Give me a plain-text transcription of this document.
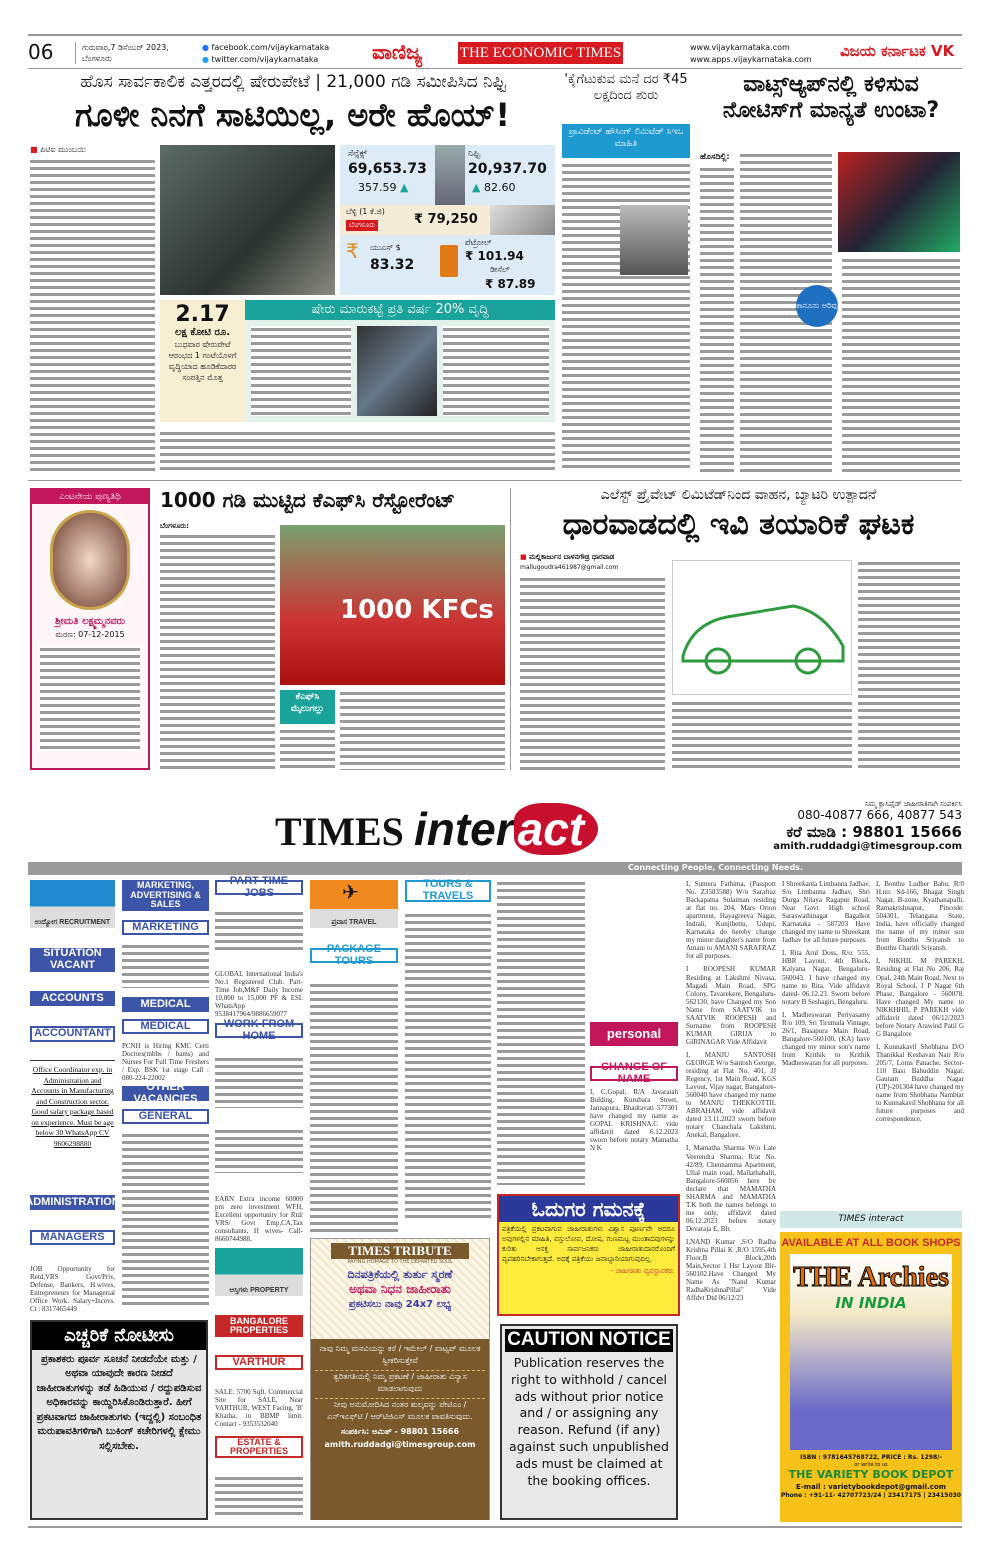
06	ಗುರುವಾರ,7 ಡಿಸೆಂಬರ್ 2023,
ಬೆಂಗಳೂರು
● facebook.com/vijaykarnataka
● twitter.com/vijaykarnataka	ವಾಣಿಜ್ಯ	THE ECONOMIC TIMES	www.vijaykarnataka.com
www.apps.vijaykarnataka.com ವಿಜಯ ಕರ್ನಾಟಕ VK
ಹೊಸ ಸಾರ್ವಕಾಲಿಕ ಎತ್ತರದಲ್ಲಿ ಷೇರುಪೇಟೆ | 21,000 ಗಡಿ ಸಮೀಪಿಸಿದ ನಿಫ್ಟಿ
ಗೂಳೀ ನಿನಗೆ ಸಾಟಿಯಿಲ್ಲ, ಅರೇ ಹೊಯ್!
■ ಪಿಟಿಐ ಮುಂಬಯಿ	ಸೆನ್ಸೆಕ್ಸ್
69,653.73
357.59 ▲
ನಿಫ್ಟಿ
20,937.70
▲ 82.60
ಬೆಳ್ಳಿ (1 ಕೆ.ಜಿ)
ಬೆಂಗಳೂರು	₹ 79,250
₹ ಯುಎಸ್ $
83.32
ಪೆಟ್ರೋಲ್
₹ 101.94
ಡೀಸೆಲ್
₹ 87.89
2.17
ಲಕ್ಷ ಕೋಟಿ ರೂ.
ಬುಧವಾರ ಷೇರುಪೇಟೆ ಆರಂಭದ 1 ಗಂಟೆಯೊಳಗೆ ವೃದ್ಧಿಯಾದ ಹೂಡಿಕೆದಾರರ ಸಂಪತ್ತಿನ ಮೊತ್ತ
ಷೇರು ಮಾರುಕಟ್ಟೆ ಪ್ರತಿ ವರ್ಷ 20% ವೃದ್ಧಿ
'ಕೈಗೆಟುಕುವ ಮನೆ ದರ ₹45 ಲಕ್ಷದಿಂದ ಶುರು
ಪ್ರಾವಿಡೆಂಟ್ ಹೌಸಿಂಗ್ ಲಿಮಿಟೆಡ್ ಸಿಇಒ ಮಾಹಿತಿ
ವಾಟ್ಸ್‌ಆ್ಯಪ್‌ನಲ್ಲಿ ಕಳಿಸುವ ನೋಟಿಸ್‌ಗೆ ಮಾನ್ಯತೆ ಉಂಟಾ?
ಹೊಸದಿಲ್ಲಿ:
ಕಾನೂನು ಅರಿವು
ಎಂಟನೇಯ ಪುಣ್ಯತಿಥಿ
ಶ್ರೀಮತಿ ಲಕ್ಷ್ಮಮ್ಮನವರು
ಮರಣ: 07-12-2015
1000 ಗಡಿ ಮುಟ್ಟಿದ ಕೆಎಫ್‌ಸಿ ರೆಸ್ಟೋರೆಂಟ್
ಬೆಂಗಳೂರು:
1000 KFCs
ಕೆಎಫ್‌ಸಿ ಮೈಲುಗಲ್ಲು
ಎಲೆಸ್ಟ್ ಪ್ರೈವೇಟ್ ಲಿಮಿಟೆಡ್‌ನಿಂದ ವಾಹನ, ಬ್ಯಾಟರಿ ಉತ್ಪಾದನೆ
ಧಾರವಾಡದಲ್ಲಿ ಇವಿ ತಯಾರಿಕೆ ಘಟಕ
■ ಮಲ್ಲಿಕಾರ್ಜುನ ಬಾಳನಗೌಡ್ರ ಧಾರವಾಡ
mallugoudra461987@gmail.com
TIMES interact
Connecting People, Connecting Needs.
ನಿಮ್ಮ ಕ್ಲಾಸಿಫೈಡ್ ಜಾಹೀರಾತಿಗಾಗಿ ಸಂಪರ್ಕಿಸಿ
080-40877 666, 40877 543
ಕರೆ ಮಾಡಿ : 98801 15666
amith.ruddadgi@timesgroup.com
ಉದ್ಯೋಗ RECRUITMENT
SITUATION VACANT
ACCOUNTS
ACCOUNTANT
Office Coordinator exp. in Administration and Accounts in Manufacturing and Construction sector. Good salary package based on experience. Must be age below 30 WhatsApp CV 9606298880
ADMINISTRATION
MANAGERS
JOB Opportunity for Retd,VRS Govt/Priv, Defense, Bankers, H.wives, Entrepreneurs for Managerial Office Work. Salary+Incevs. Ct : 8317465449
MARKETING, ADVERTISING & SALES
MARKETING
MEDICAL
MEDICAL
PCNH is Hiring KMC Certi Doctors(mbbs / bams) and Nurses For Full Time Freshers / Exp. BSK 1st stage Call : 080-224-22002
OTHER VACANCIES
GENERAL
PART TIME JOBS
GLOBAL International India's No.1 Registered Club. Part-Time Job,M&F Daily Income 10,000 to 15,000 PF & ESI. WhatsApp 9538417964/9886659077
WORK FROM HOME
EARN Extra income 60000 pm zero investment WFH, Excellent opportunity for Rtd/ VRS/ Govt Emp,CA,Tax consultants, H wives- Call- 8660744988,
ಆಸ್ತಿಗಳು PROPERTY
BANGALORE PROPERTIES
VARTHUR
SALE: 5700 Sqft. Commercial Site for SALE, Near VARTHUR, WEST Facing, 'B' Khatha, in BBMP limit. Contact - 9353532040
ESTATE & PROPERTIES
ಪ್ರವಾಸ TRAVEL
✈
PACKAGE TOURS
TOURS & TRAVELS
ಎಚ್ಚರಿಕೆ ನೋಟೀಸು
ಪ್ರಕಾಶಕರು ಪೂರ್ವ ಸೂಚನೆ ನೀಡದೆಯೇ ಮತ್ತು / ಅಥವಾ ಯಾವುದೇ ಕಾರಣ ನೀಡದೆ ಜಾಹೀರಾತುಗಳನ್ನು ತಡೆ ಹಿಡಿಯುವ / ರದ್ದುಪಡಿಸುವ ಅಧಿಕಾರವನ್ನು ಕಾಯ್ದಿರಿಸಿಕೊಂಡಿರುತ್ತಾರೆ. ಹೀಗೆ ಪ್ರಕಟವಾಗದ ಜಾಹೀರಾತುಗಳು (ಇದ್ದಲ್ಲಿ) ಸಂಬಂಧಿತ ಮರುಪಾವತಿಗಳಿಗಾಗಿ ಬುಕಿಂಗ್ ಕಚೇರಿಗಳಲ್ಲಿ ಕ್ಲೇಮು ಸಲ್ಲಿಸಬೇಕು.
TIMES TRIBUTE
PAYING HOMAGE TO THE DEPARTED SOUL
ದಿನಪತ್ರಿಕೆಯಲ್ಲಿ ತುರ್ತು ಸ್ಮರಣೆ
ಅಥವಾ ನಿಧನ ಜಾಹೀರಾತು
ಪ್ರಕಟಿಸಲು ನಾವು 24x7 ಲಭ್ಯ
ನಾವು ನಿಮ್ಮ ಮನವಿಯನ್ನು ಕರೆ / ಇಮೇಲ್ / ವಾಟ್ಸಪ್ ಮೂಲಕ ಸ್ವೀಕರಿಸುತ್ತೇವೆ
ತ್ವರಿತಗತಿಯಲ್ಲಿ ನಿಮ್ಮ ಪ್ರಕಟಣೆ / ಜಾಹೀರಾತು ವಿನ್ಯಾಸ ಮಾಡಲಾಗುವುದು
ನೀವು ಅನುಮೋದಿಸಿದ ನಂತರ ಶುಲ್ಕವನ್ನು ಪೇಟಿಎಂ / ಎನ್‌ಇಎಫ್‌ಟಿ / ಆರ್‌ಟಿಜಿಎಸ್ ಮೂಲಕ ಪಾವತಿಸುವುದು.
ಸಂಪರ್ಕಿಸಿ: ಅಮಿತ್ - 98801 15666
amith.ruddadgi@timesgroup.com
personal
CHANGE OF NAME
I, C.Gopal, R/A Javaraiah Bulding, Kurubara Street, Jannapura, Bhadravati 577301 have changed my name as GOPAL KRISHNA.C vide affidavit dated 6.12.2023 sworn before notary Mamatha N K
ಓದುಗರ ಗಮನಕ್ಕೆ
ಪತ್ರಿಕೆಯಲ್ಲಿ ಪ್ರಕಟವಾಗುವ ಜಾಹೀರಾತುಗಳು ವಿಶ್ವಾಸ ಪೂರ್ಣವೇ ಆದರೂ ಅವುಗಳಲ್ಲಿನ ಮಾಹಿತಿ, ವಸ್ತುಲೋಪ, ದೋಷ, ಗುಣಮಟ್ಟ ಮುಂತಾದವುಗಳನ್ನು ಕುರಿತು ಆಸಕ್ತ ಸಾರ್ವಜನಿಕರು ಜಾಹೀರಾತುದಾರರೊಂದಿಗೆ ವ್ಯವಹರಿಸಬೇಕಾಗುತ್ತದೆ. ಅದಕ್ಕೆ ಪತ್ರಿಕೆಯು ಜವಾಬ್ದಾರಿಯಾಗುವುದಿಲ್ಲ.
- ಜಾಹೀರಾತು ವ್ಯವಸ್ಥಾಪಕರು
CAUTION NOTICE
Publication reserves the right to withhold / cancel ads without prior notice and / or assigning any reason. Refund (if any) against such unpublished ads must be claimed at the booking offices.
I, Sumera Fathima, (Passport No. Z3583588) W/o Sarafraz Backapatna Sulaiman residing at flat no. 204, Mars Orion apartment, Hayagreeva Nagar, Indrali, Kunjibettu, Udupi, Karnataka do hereby change my minor daughter's name from Amani to AMANI SARAFRAZ for all purposes.
I ROOPESH KUMAR Residing at Lakshmi Nivasa, Magadi Main Road, SPG Colony, Tavarekere, Bengaluru-562130, have Changed my Son Name from SAATVIK to SAATVIK ROOPESH and Surname from ROOPESH KUMAR GIRIJA to GIRINAGAR Vide Affidavit
I, MANJU SANTOSH GEORGE W/o Santosh George, residing at Flat No. 401, JJ Regency, 1st Main Road, KGS Layout, Vijay nagar, Bangalore- 560040 have changed my name to MANJU THEKKOTTIL ABRAHAM, vide affidavit dated 13.11.2023 sworn before notary Chanchala Lakshmi, Anekal, Bangalore.
I, Mamatha Sharma W/o Late Veerendra Sharma, R/at No. 42/89, Chennamma Apartment, Ullal main road, Mallathahalli, Bangalore-560056 here by declare that MAMATHA SHARMA and MAMATHA T.K both the names belongs to me only, affidavit dated 06.12.2023 before notary Devaraja E, Blr.
I,NAND Kumar ,S/O Radha Krishna Pillai K ,R/O 1595,4th Floor,B Block,20th Main,Sector 1 Hsr Layout Blr-560102.Have Changed My Name As "Nand Kumar RadhaKrishnaPillai" Vide Affdvt Dtd 06/12/23
I Shreekanta Limbanna Jadhav, S/o Limbanna Jadhav, Shri Durga Nilaya Ragapur Road, Near Govt. High school Saraswathinagar Bagalkot Karnataka - 587203 Have changed my name to Shreekant Jadhav for all future purposes.
I, Rita Arul Doss, R/o: 555, HBR Layout, 4th Block, Kalyana Nagar, Bengaluru- 560043. I have changed my name to Rita. Vide affidavit dated- 06.12.23. Sworn before notary B Seshagiri, Bengaluru.
I, Madheswaran Periyasamy R/o 109, Sri Tirumala Vintage, 26/1, Basapura Main Road, Bangalore-560100, (KA) have changed my minor son's name from Krithik to Krithik Madheswaran for all purposes.
I, Bonthu Ludher Babu, R/0 H.no: Sd-166, Bhagat Singh Nagar, B-zone, Kyathanapalli, Ramakrishnapur, Pincode: 504301, Telangana State, India, have officially changed the name of my minor son from Bonthu Sriyansh to Bonthu Charith Sriyansh.
I, NIKHIL M PAREKH, Residing at Flat No 206, Raj Opal, 24th Main Road, Next to Royal School, J P Nagar 6th Phase, Bangalore - 560078. Have changed My name to NIKKHHIL P PAREKH vide affidavit dated 06/12/2023 before Notary Arawind Patil G G Bangalore
I, Kunnakavil Shobhana D/O Thanikkal Keshavan Nair R/o 205/7, Lotus Panache, Sector-110 Basi Bahuddin Nagar, Gautam Buddha Nagar (UP)-201304 have changed my name from Shobhana Nambiar to Kunnakavil Shobhana for all future purposes and correspondence.
TIMES interact
AVAILABLE AT ALL BOOK SHOPS
THE Archies
IN INDIA
ISBN : 9781645768722, PRICE : Rs. 1298/-
or write to us
THE VARIETY BOOK DEPOT
E-mail : varietybookdepot@gmail.com
Phone : +91-11- 42707723/24 | 23417175 | 23415030
